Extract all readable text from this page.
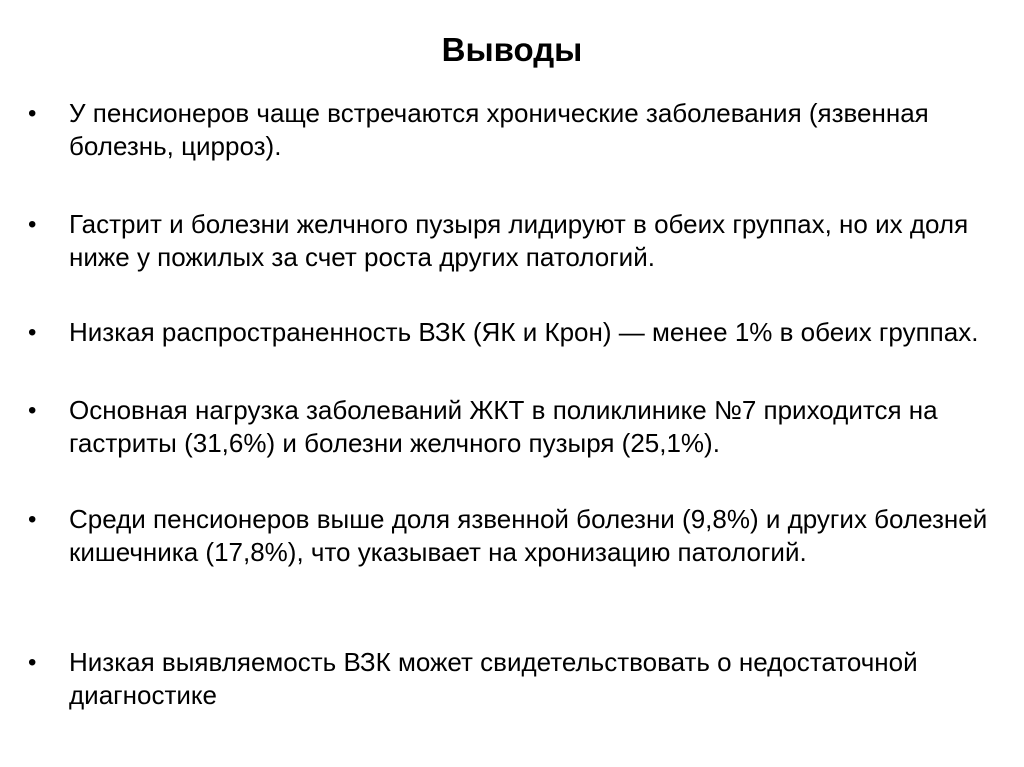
Выводы
•	У пенсионеров чаще встречаются хронические заболевания (язвенная болезнь, цирроз).
•	Гастрит и болезни желчного пузыря лидируют в обеих группах, но их доля ниже у пожилых за счет роста других патологий.
•	Низкая распространенность ВЗК (ЯК и Крон) — менее 1% в обеих группах.
•	Основная нагрузка заболеваний ЖКТ в поликлинике №7 приходится на гастриты (31,6%) и болезни желчного пузыря (25,1%).
•	Среди пенсионеров выше доля язвенной болезни (9,8%) и других болезней кишечника (17,8%), что указывает на хронизацию патологий.
•	Низкая выявляемость ВЗК может свидетельствовать о недостаточной диагностике
